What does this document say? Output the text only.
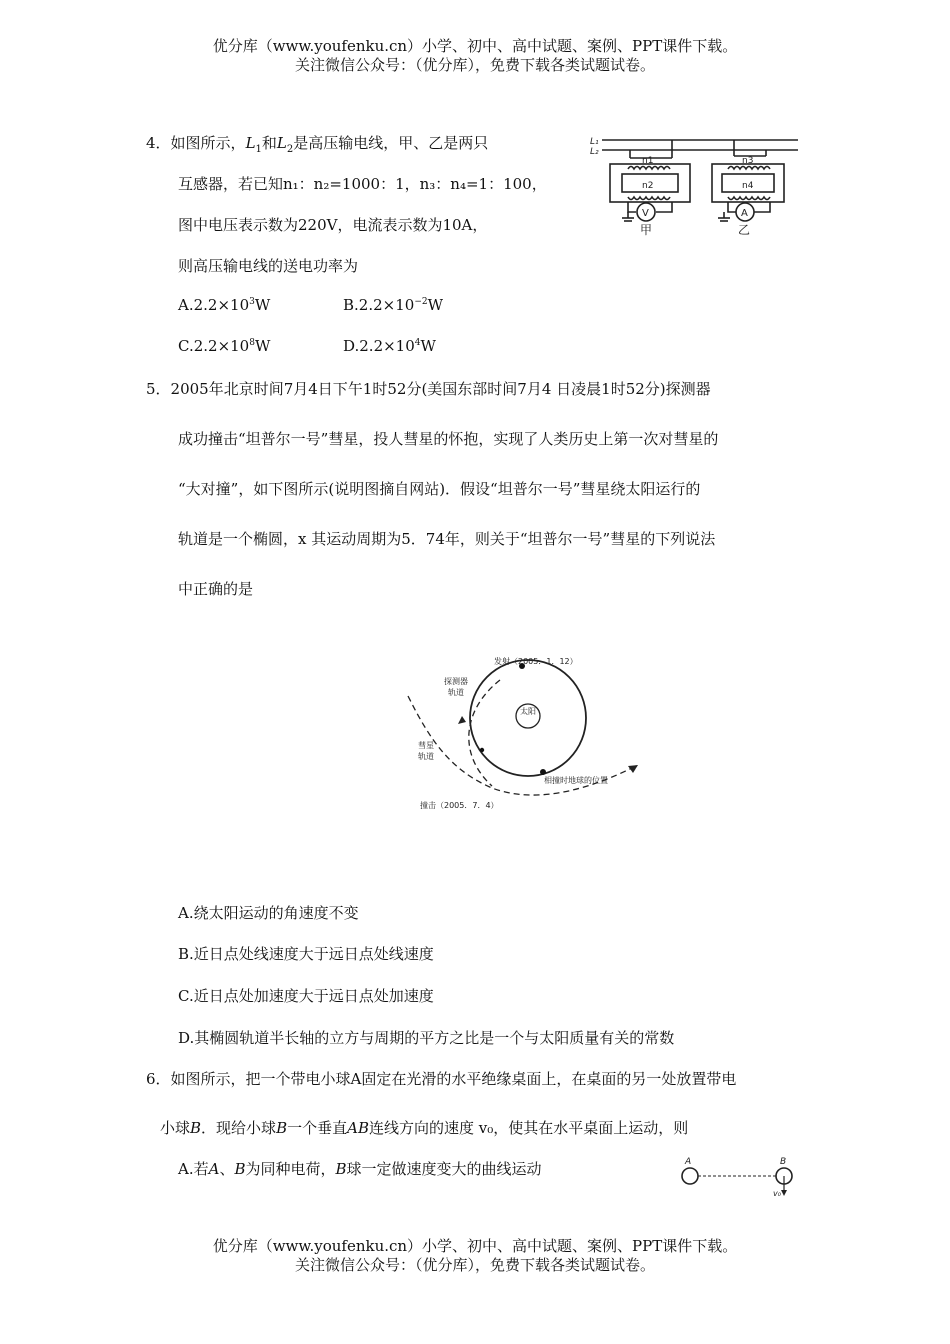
优分库（www.youfenku.cn）小学、初中、高中试题、案例、PPT课件下载。
关注微信公众号：（优分库），免费下载各类试题试卷。
4．如图所示，$L_1$和$L_2$是高压输电线，甲、乙是两只
互感器，若已知n₁：n₂=1000：1，n₃：n₄=1：100，
图中电压表示数为220V，电流表示数为10A，
则高压输电线的送电功率为
$A.2.2\times 10^3W$	$B.2.2\times 10^{-2}W$
$C.2.2\times 10^8W$	$D.2.2\times 10^4W$
L₁
L₂
n1
n2
n3
n4
V	A
甲	乙
5．2005年北京时间7月4日下午1时52分(美国东部时间7月4 日凌晨1时52分)探测器
成功撞击“坦普尔一号”彗星，投人彗星的怀抱，实现了人类历史上第一次对彗星的
“大对撞”，如下图所示(说明图摘自网站)．假设“坦普尔一号”彗星绕太阳运行的
轨道是一个椭圆，x 其运动周期为5．74年，则关于“坦普尔一号”彗星的下列说法
中正确的是
发射（2005．1．12）
探测器
轨道
太阳
彗星
轨道
相撞时地球的位置
撞击（2005．7．4）
A.绕太阳运动的角速度不变
B.近日点处线速度大于远日点处线速度
C.近日点处加速度大于远日点处加速度
D.其椭圆轨道半长轴的立方与周期的平方之比是一个与太阳质量有关的常数
6．如图所示，把一个带电小球A固定在光滑的水平绝缘桌面上，在桌面的另一处放置带电
小球B．现给小球B一个垂直AB连线方向的速度 v₀，使其在水平桌面上运动，则
A.若A、B为同种电荷，B球一定做速度变大的曲线运动	A	B
v₀
优分库（www.youfenku.cn）小学、初中、高中试题、案例、PPT课件下载。
关注微信公众号：（优分库），免费下载各类试题试卷。
